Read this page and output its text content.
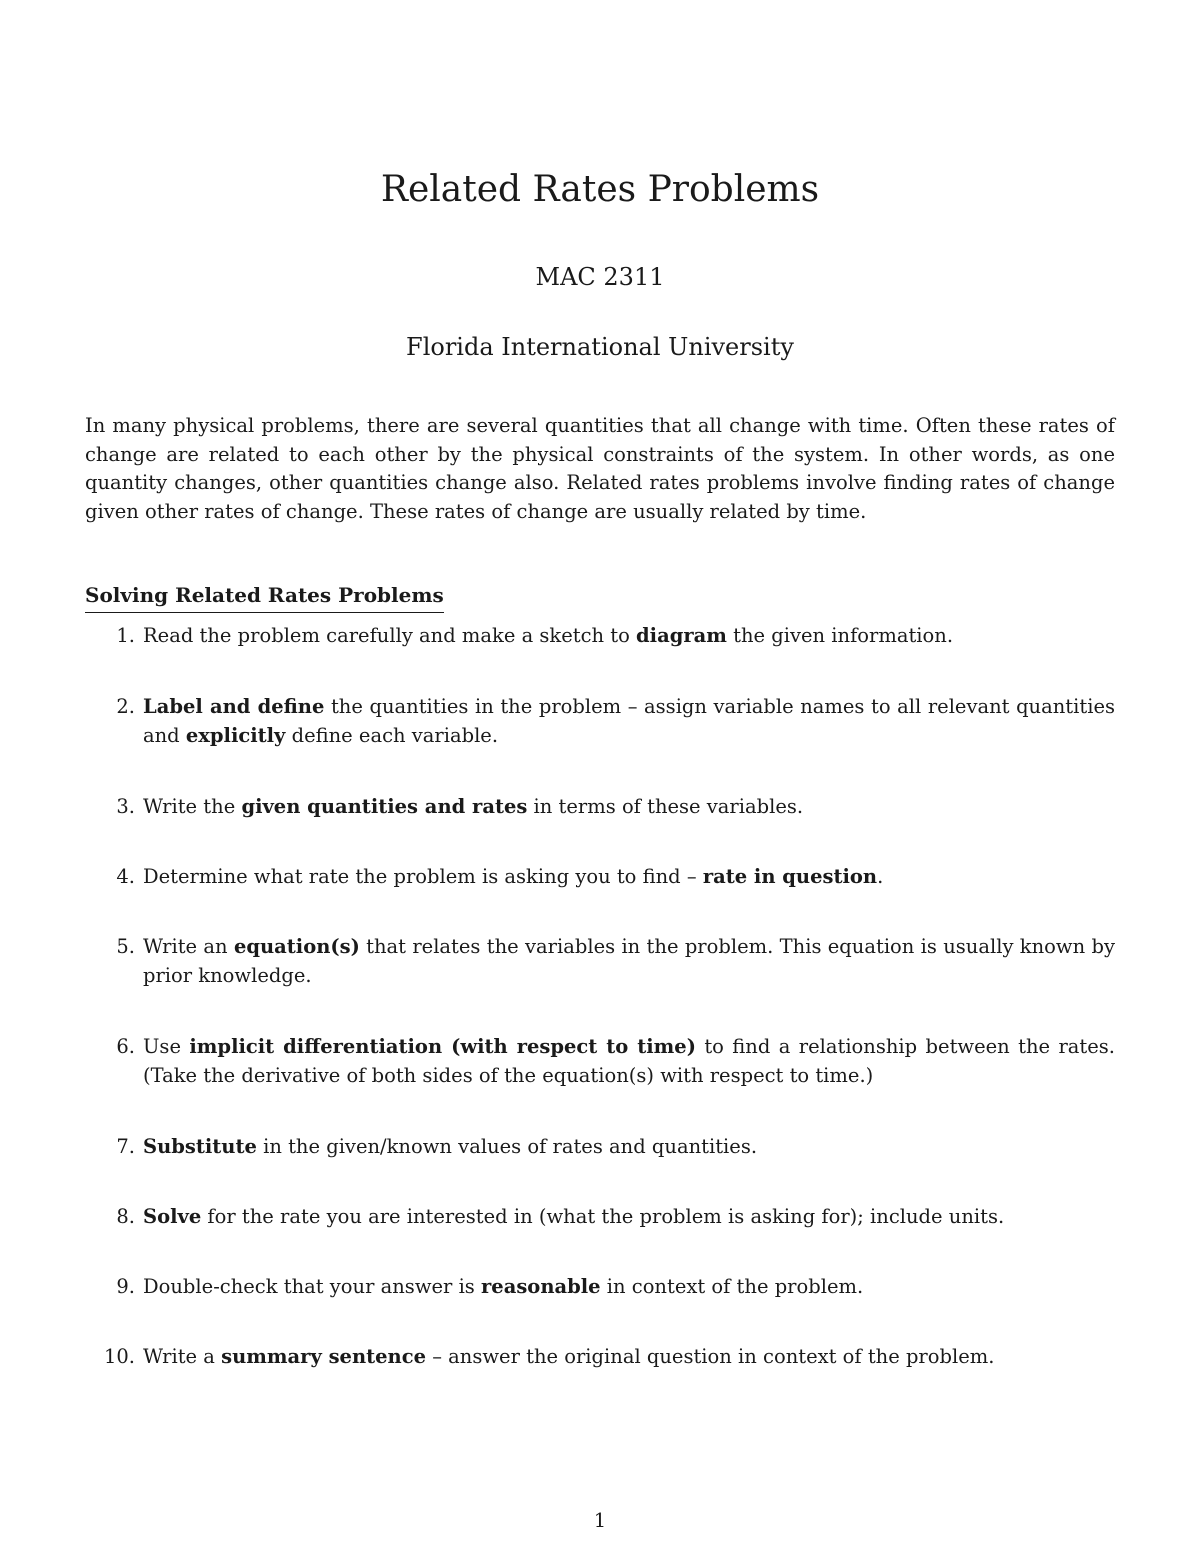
Related Rates Problems
MAC 2311
Florida International University

In many physical problems, there are several quantities that all change with time. Often these rates of change are related to each other by the physical constraints of the system. In other words, as one quantity changes, other quantities change also. Related rates problems involve finding rates of change given other rates of change. These rates of change are usually related by time.

Solving Related Rates Problems
1. Read the problem carefully and make a sketch to diagram the given information.
2. Label and define the quantities in the problem – assign variable names to all relevant quantities and explicitly define each variable.
3. Write the given quantities and rates in terms of these variables.
4. Determine what rate the problem is asking you to find – rate in question.
5. Write an equation(s) that relates the variables in the problem. This equation is usually known by prior knowledge.
6. Use implicit differentiation (with respect to time) to find a relationship between the rates. (Take the derivative of both sides of the equation(s) with respect to time.)
7. Substitute in the given/known values of rates and quantities.
8. Solve for the rate you are interested in (what the problem is asking for); include units.
9. Double-check that your answer is reasonable in context of the problem.
10. Write a summary sentence – answer the original question in context of the problem.
1
